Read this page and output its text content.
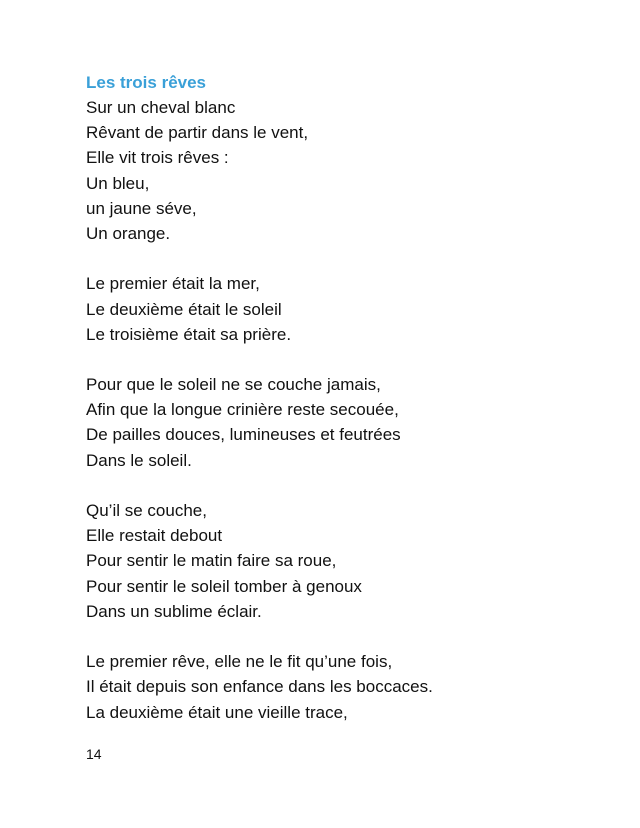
Les trois rêves
Sur un cheval blanc
Rêvant de partir dans le vent,
Elle vit trois rêves :
Un bleu,
un jaune séve,
Un orange.
Le premier était la mer,
Le deuxième était le soleil
Le troisième était sa prière.
Pour que le soleil ne se couche jamais,
Afin que la longue crinière reste secouée,
De pailles douces, lumineuses et feutrées
Dans le soleil.
Qu’il se couche,
Elle restait debout
Pour sentir le matin faire sa roue,
Pour sentir le soleil tomber à genoux
Dans un sublime éclair.
Le premier rêve, elle ne le fit qu’une fois,
Il était depuis son enfance dans les boccaces.
La deuxième était une vieille trace,
14
